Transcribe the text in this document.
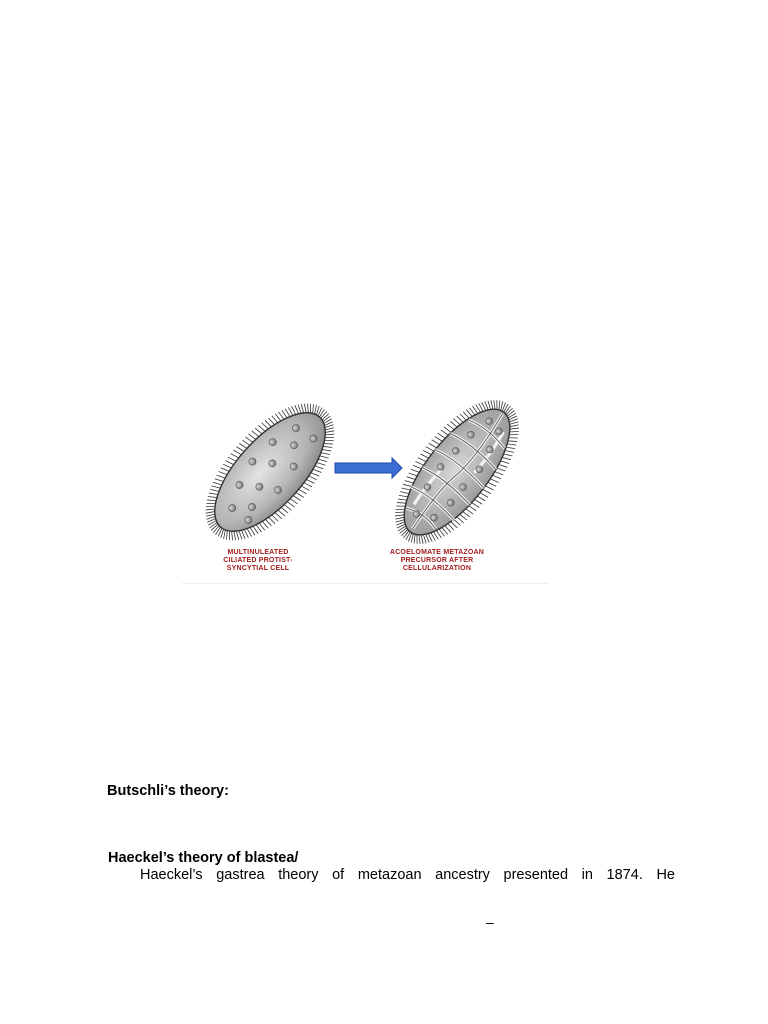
MULTINULEATED
CILIATED PROTIST-
SYNCYTIAL CELL
ACOELOMATE METAZOAN
PRECURSOR AFTER
CELLULARIZATION
Butschli’s theory:
Haeckel’s theory of blastea/
Haeckel’s gastrea theory of metazoan ancestry presented in 1874. He
–
